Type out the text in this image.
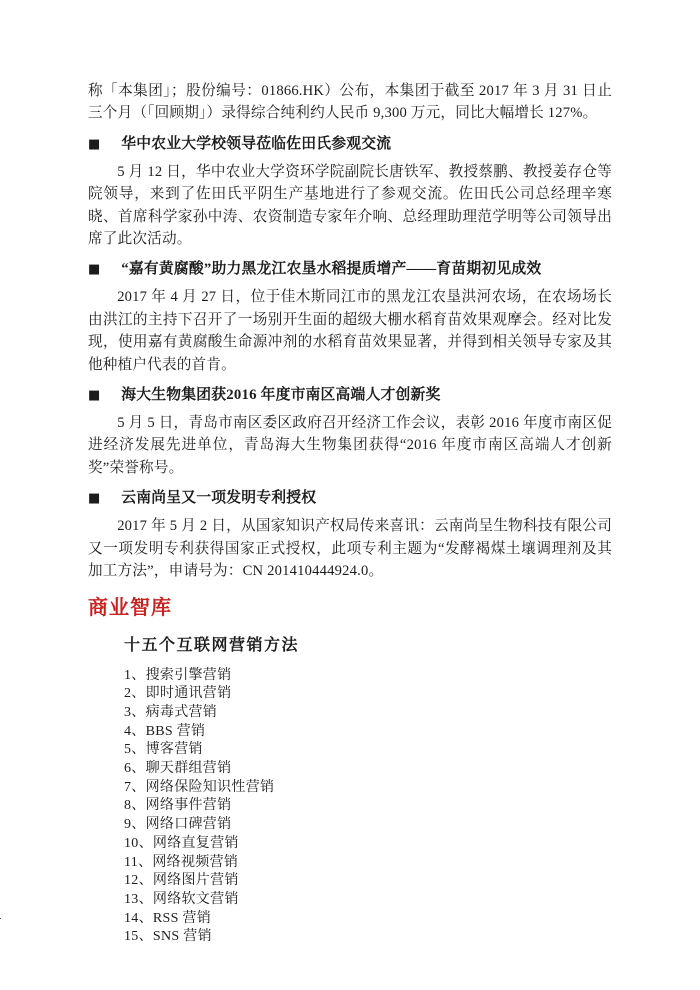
称「本集团」；股份编号：01866.HK）公布，本集团于截至 2017 年 3 月 31 日止三个月（「回顾期」）录得综合纯利约人民币 9,300 万元，同比大幅增长 127%。

■ 华中农业大学校领导莅临佐田氏参观交流

5 月 12 日，华中农业大学资环学院副院长唐铁军、教授蔡鹏、教授姜存仓等院领导，来到了佐田氏平阴生产基地进行了参观交流。佐田氏公司总经理辛寒晓、首席科学家孙中涛、农资制造专家年介响、总经理助理范学明等公司领导出席了此次活动。

■ “嘉有黄腐酸”助力黑龙江农垦水稻提质增产——育苗期初见成效

2017 年 4 月 27 日，位于佳木斯同江市的黑龙江农垦洪河农场，在农场场长由洪江的主持下召开了一场别开生面的超级大棚水稻育苗效果观摩会。经对比发现，使用嘉有黄腐酸生命源冲剂的水稻育苗效果显著，并得到相关领导专家及其他种植户代表的首肯。

■ 海大生物集团获2016 年度市南区高端人才创新奖

5 月 5 日，青岛市南区委区政府召开经济工作会议，表彰 2016 年度市南区促进经济发展先进单位，青岛海大生物集团获得“2016 年度市南区高端人才创新奖”荣誉称号。

■ 云南尚呈又一项发明专利授权

2017 年 5 月 2 日，从国家知识产权局传来喜讯：云南尚呈生物科技有限公司又一项发明专利获得国家正式授权，此项专利主题为“发酵褐煤土壤调理剂及其加工方法”，申请号为：CN 201410444924.0。

商业智库
十五个互联网营销方法
1、搜索引擎营销
2、即时通讯营销
3、病毒式营销
4、BBS 营销
5、博客营销
6、聊天群组营销
7、网络保险知识性营销
8、网络事件营销
9、网络口碑营销
10、网络直复营销
11、网络视频营销
12、网络图片营销
13、网络软文营销
14、RSS 营销
15、SNS 营销
